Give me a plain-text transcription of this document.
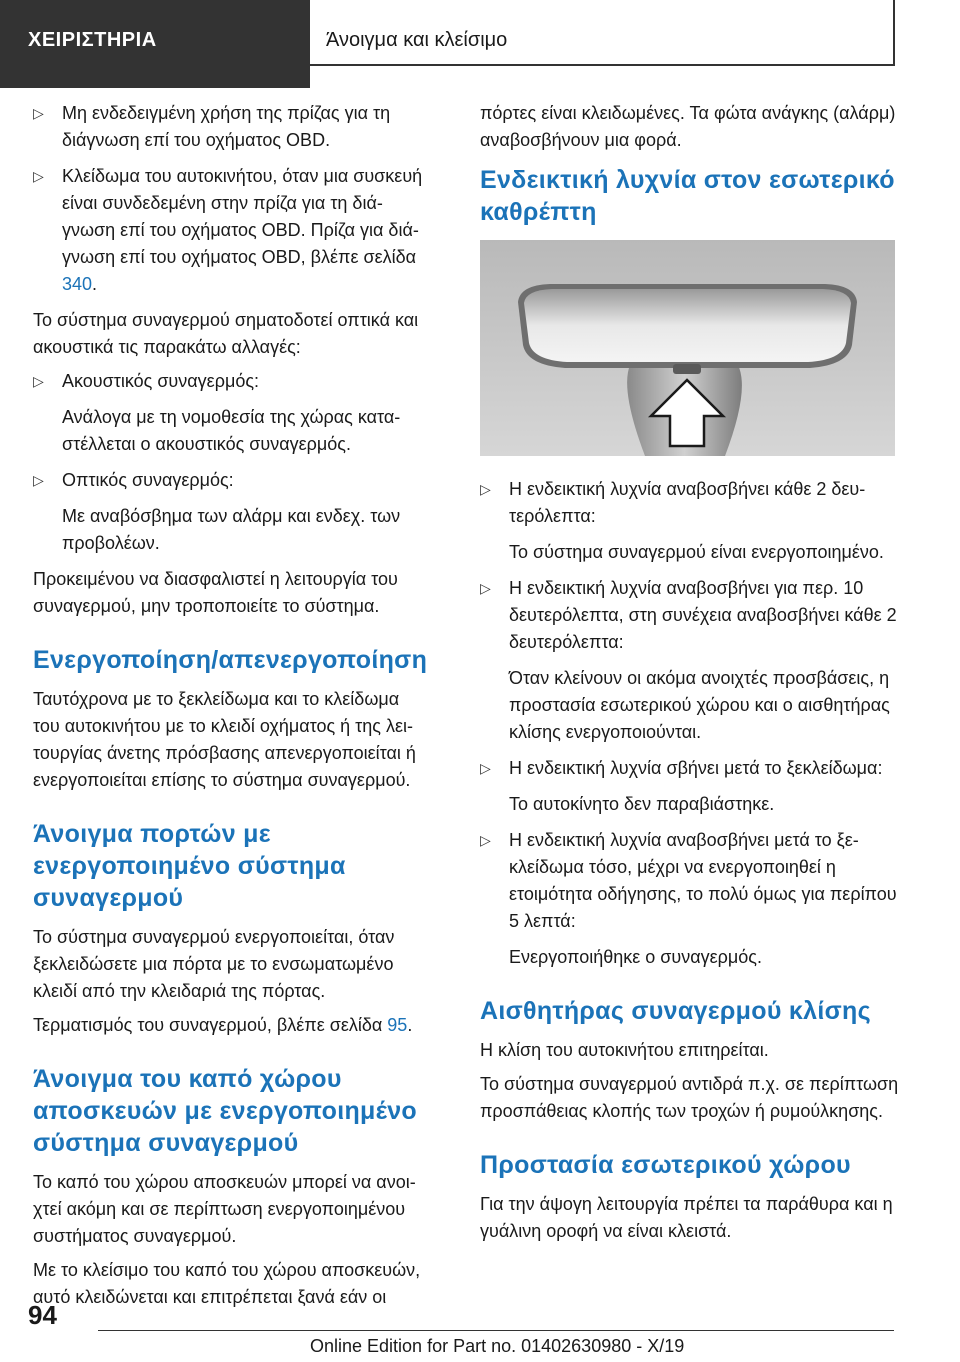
ΧΕΙΡΙΣΤΗΡΙΑ	Άνοιγμα και κλείσιμο
▷ Μη ενδεδειγμένη χρήση της πρίζας για τη διάγνωση επί του οχήματος OBD.
▷ Κλείδωμα του αυτοκινήτου, όταν μια συσκευή είναι συνδεδεμένη στην πρίζα για τη διάγνωση επί του οχήματος OBD. Πρίζα για διάγνωση επί του οχήματος OBD, βλέπε σελίδα 340.

Το σύστημα συναγερμού σηματοδοτεί οπτικά και ακουστικά τις παρακάτω αλλαγές:

▷ Ακουστικός συναγερμός:
Ανάλογα με τη νομοθεσία της χώρας καταστέλλεται ο ακουστικός συναγερμός.
▷ Οπτικός συναγερμός:
Με αναβόσβημα των αλάρμ και ενδεχ. των προβολέων.

Προκειμένου να διασφαλιστεί η λειτουργία του συναγερμού, μην τροποποιείτε το σύστημα.

Ενεργοποίηση/απενεργοποίηση

Ταυτόχρονα με το ξεκλείδωμα και το κλείδωμα του αυτοκινήτου με το κλειδί οχήματος ή της λειτουργίας άνετης πρόσβασης απενεργοποιείται ή ενεργοποιείται επίσης το σύστημα συναγερμού.

Άνοιγμα πορτών με ενεργοποιημένο σύστημα συναγερμού

Το σύστημα συναγερμού ενεργοποιείται, όταν ξεκλειδώσετε μια πόρτα με το ενσωματωμένο κλειδί από την κλειδαριά της πόρτας.

Τερματισμός του συναγερμού, βλέπε σελίδα 95.

Άνοιγμα του καπό χώρου αποσκευών με ενεργοποιημένο σύστημα συναγερμού

Το καπό του χώρου αποσκευών μπορεί να ανοιχτεί ακόμη και σε περίπτωση ενεργοποιημένου συστήματος συναγερμού.

Με το κλείσιμο του καπό του χώρου αποσκευών, αυτό κλειδώνεται και επιτρέπεται ξανά εάν οι

πόρτες είναι κλειδωμένες. Τα φώτα ανάγκης (αλάρμ) αναβοσβήνουν μια φορά.

Ενδεικτική λυχνία στον εσωτερικό καθρέπτη
▷ Η ενδεικτική λυχνία αναβοσβήνει κάθε 2 δευτερόλεπτα:
Το σύστημα συναγερμού είναι ενεργοποιημένο.
▷ Η ενδεικτική λυχνία αναβοσβήνει για περ. 10 δευτερόλεπτα, στη συνέχεια αναβοσβήνει κάθε 2 δευτερόλεπτα:
Όταν κλείνουν οι ακόμα ανοιχτές προσβάσεις, η προστασία εσωτερικού χώρου και ο αισθητήρας κλίσης ενεργοποιούνται.
▷ Η ενδεικτική λυχνία σβήνει μετά το ξεκλείδωμα:
Το αυτοκίνητο δεν παραβιάστηκε.
▷ Η ενδεικτική λυχνία αναβοσβήνει μετά το ξεκλείδωμα τόσο, μέχρι να ενεργοποιηθεί η ετοιμότητα οδήγησης, το πολύ όμως για περίπου 5 λεπτά:
Ενεργοποιήθηκε ο συναγερμός.
Αισθητήρας συναγερμού κλίσης

Η κλίση του αυτοκινήτου επιτηρείται.

Το σύστημα συναγερμού αντιδρά π.χ. σε περίπτωση προσπάθειας κλοπής των τροχών ή ρυμούλκησης.

Προστασία εσωτερικού χώρου

Για την άψογη λειτουργία πρέπει τα παράθυρα και η γυάλινη οροφή να είναι κλειστά.

94
Online Edition for Part no. 01402630980 - X/19
